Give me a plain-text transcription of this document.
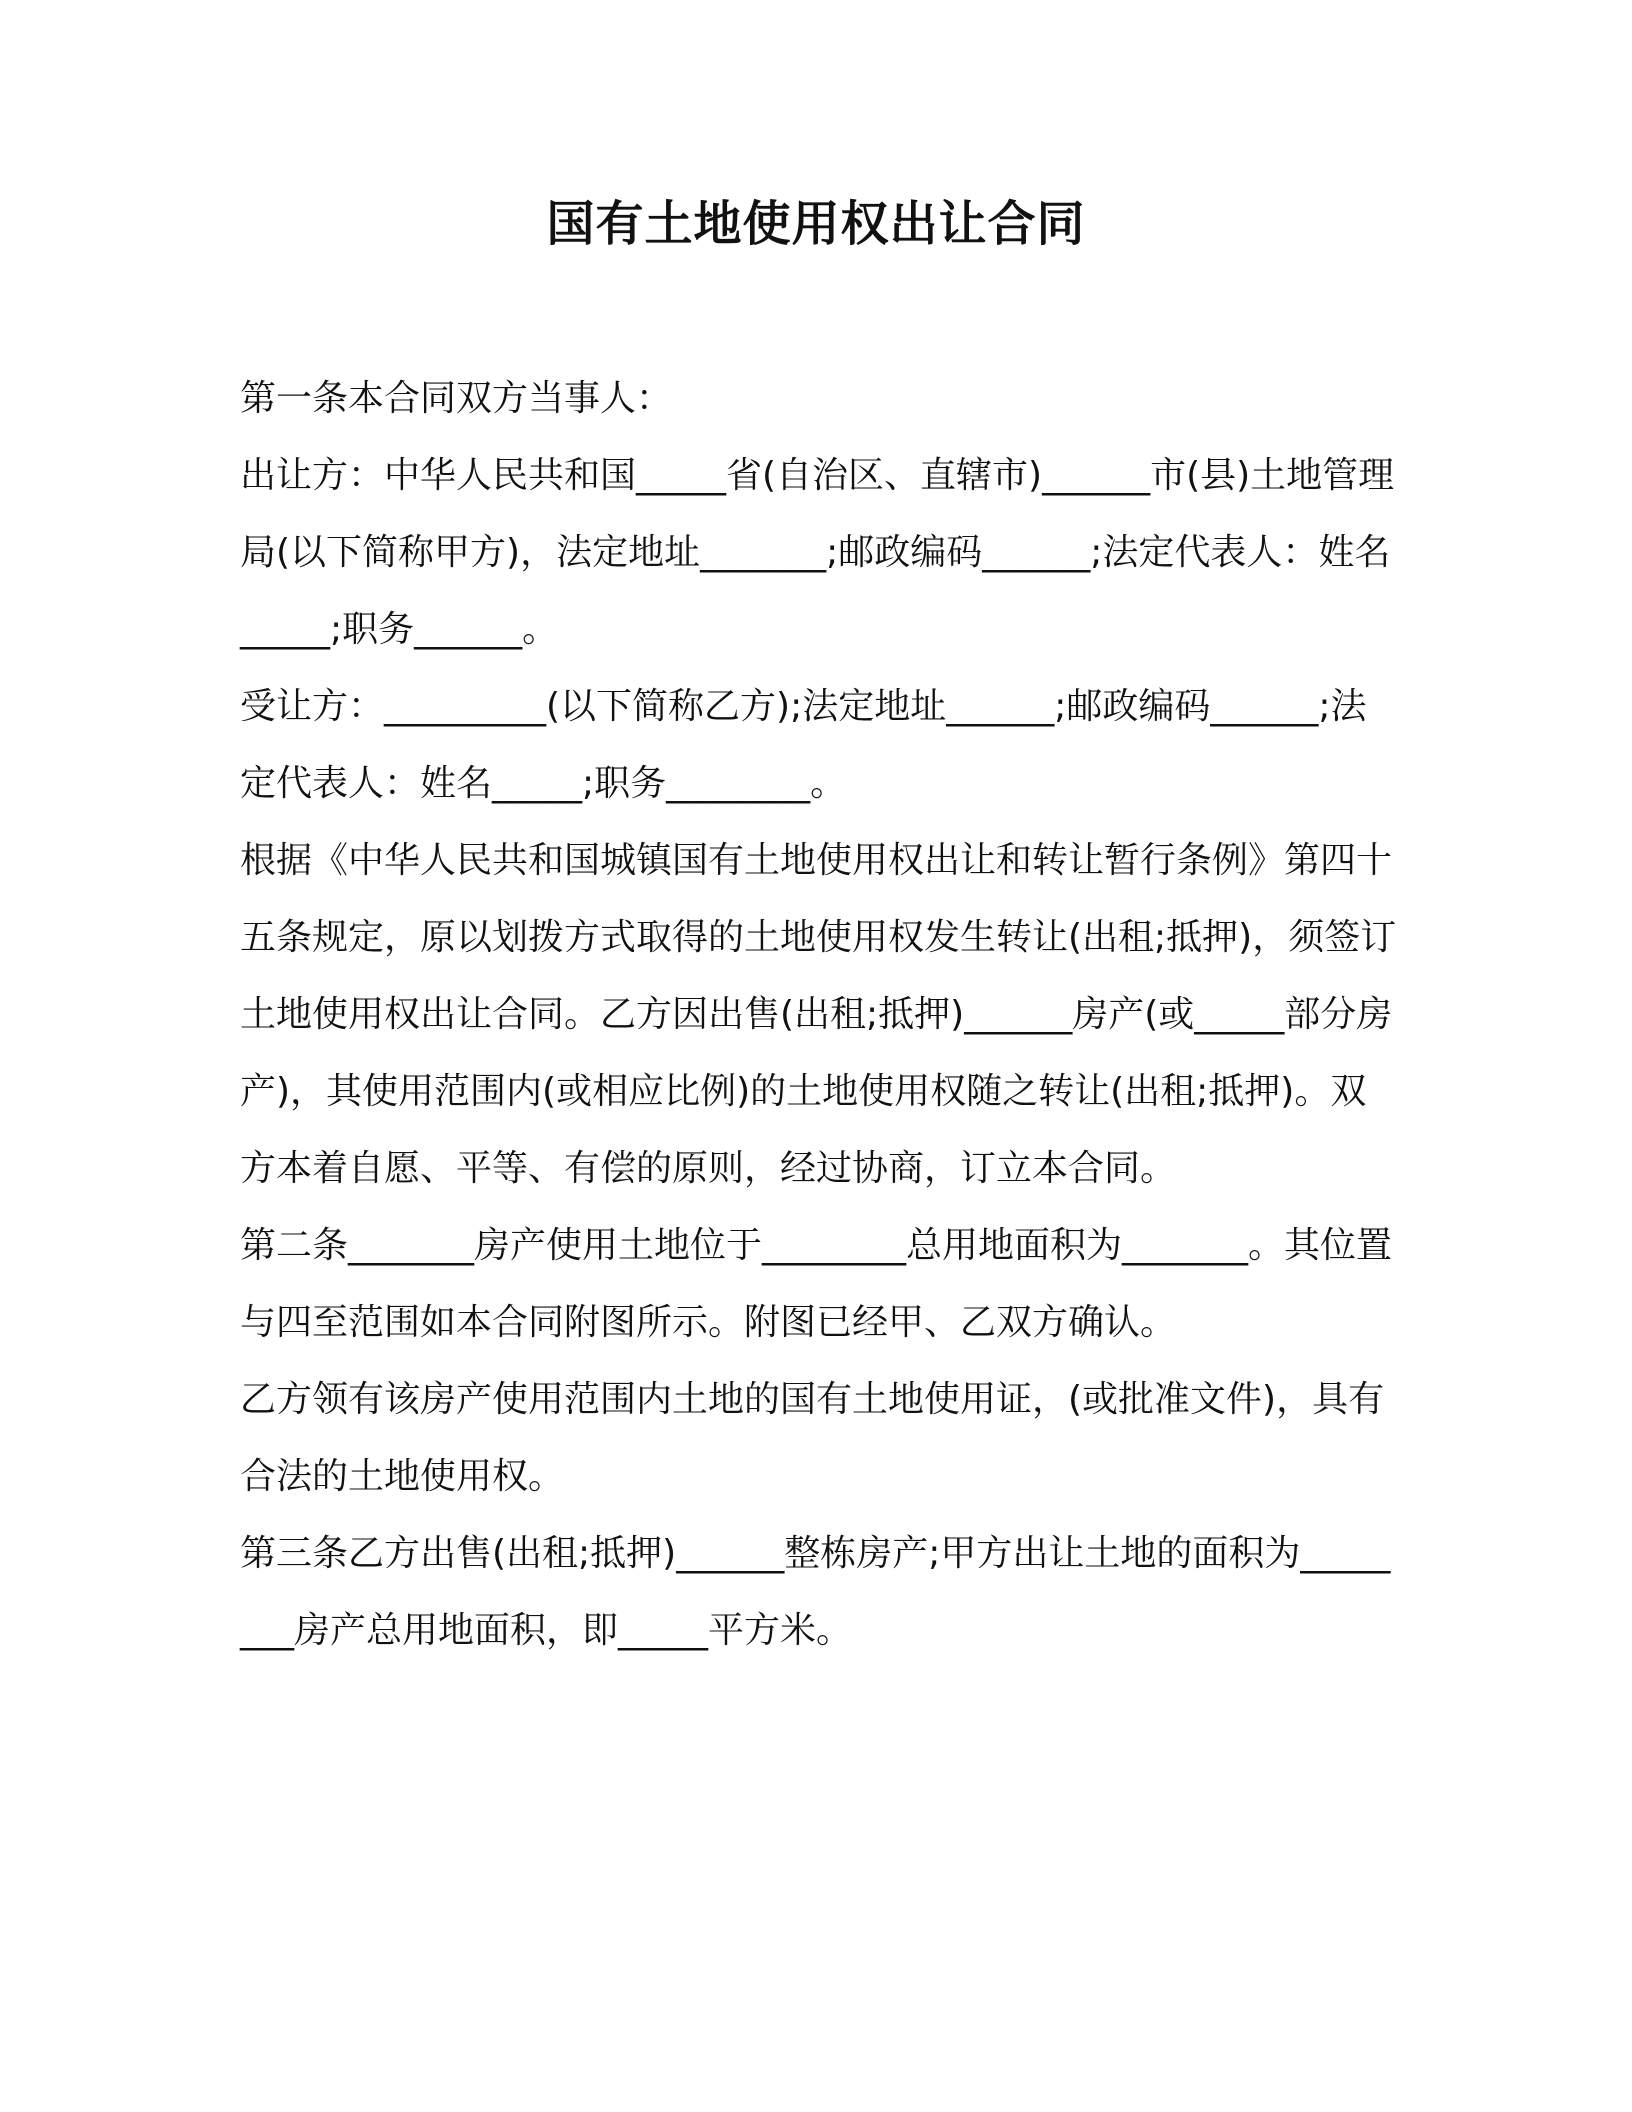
国有土地使用权出让合同

第一条本合同双方当事人：

出让方：中华人民共和国_____省(自治区、直辖市)______市(县)土地管理局(以下简称甲方)，法定地址_______;邮政编码______;法定代表人：姓名_____;职务______。

受让方：_________(以下简称乙方);法定地址______;邮政编码______;法定代表人：姓名_____;职务________。

根据《中华人民共和国城镇国有土地使用权出让和转让暂行条例》第四十五条规定，原以划拨方式取得的土地使用权发生转让(出租;抵押)，须签订土地使用权出让合同。乙方因出售(出租;抵押)______房产(或_____部分房产)，其使用范围内(或相应比例)的土地使用权随之转让(出租;抵押)。双方本着自愿、平等、有偿的原则，经过协商，订立本合同。

第二条_______房产使用土地位于________总用地面积为_______。其位置与四至范围如本合同附图所示。附图已经甲、乙双方确认。

乙方领有该房产使用范围内土地的国有土地使用证，(或批准文件)，具有合法的土地使用权。

第三条乙方出售(出租;抵押)______整栋房产;甲方出让土地的面积为________房产总用地面积，即_____平方米。
